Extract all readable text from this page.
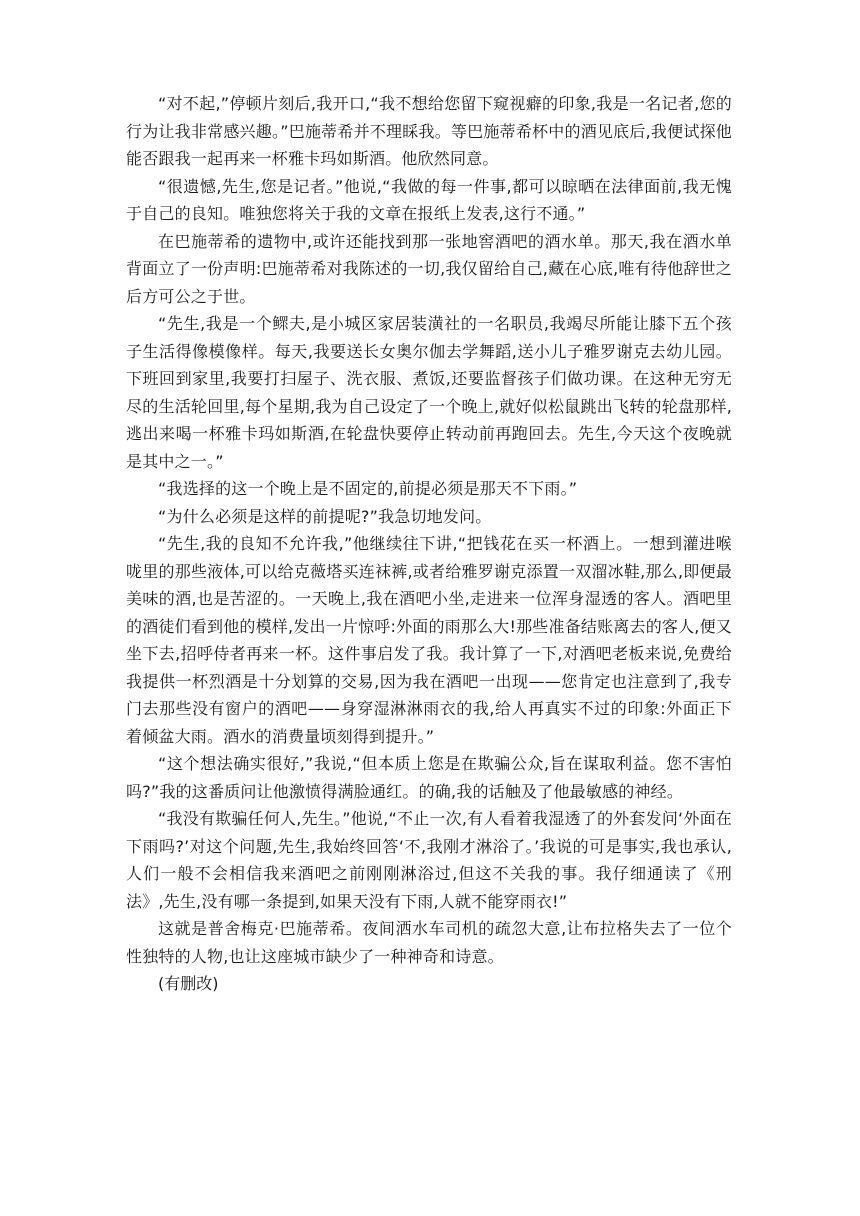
“对不起,”停顿片刻后,我开口,“我不想给您留下窥视癖的印象,我是一名记者,您的行为让我非常感兴趣。”巴施蒂希并不理睬我。等巴施蒂希杯中的酒见底后,我便试探他能否跟我一起再来一杯雅卡玛如斯酒。他欣然同意。

“很遗憾,先生,您是记者。”他说,“我做的每一件事,都可以晾晒在法律面前,我无愧于自己的良知。唯独您将关于我的文章在报纸上发表,这行不通。”

在巴施蒂希的遗物中,或许还能找到那一张地窖酒吧的酒水单。那天,我在酒水单背面立了一份声明:巴施蒂希对我陈述的一切,我仅留给自己,藏在心底,唯有待他辞世之后方可公之于世。

“先生,我是一个鳏夫,是小城区家居装潢社的一名职员,我竭尽所能让膝下五个孩子生活得像模像样。每天,我要送长女奥尔伽去学舞蹈,送小儿子雅罗谢克去幼儿园。下班回到家里,我要打扫屋子、洗衣服、煮饭,还要监督孩子们做功课。在这种无穷无尽的生活轮回里,每个星期,我为自己设定了一个晚上,就好似松鼠跳出飞转的轮盘那样,逃出来喝一杯雅卡玛如斯酒,在轮盘快要停止转动前再跑回去。先生,今天这个夜晚就是其中之一。”

“我选择的这一个晚上是不固定的,前提必须是那天不下雨。”

“为什么必须是这样的前提呢?”我急切地发问。

“先生,我的良知不允许我,”他继续往下讲,“把钱花在买一杯酒上。一想到灌进喉咙里的那些液体,可以给克薇塔买连袜裤,或者给雅罗谢克添置一双溜冰鞋,那么,即便最美味的酒,也是苦涩的。一天晚上,我在酒吧小坐,走进来一位浑身湿透的客人。酒吧里的酒徒们看到他的模样,发出一片惊呼:外面的雨那么大!那些准备结账离去的客人,便又坐下去,招呼侍者再来一杯。这件事启发了我。我计算了一下,对酒吧老板来说,免费给我提供一杯烈酒是十分划算的交易,因为我在酒吧一出现——您肯定也注意到了,我专门去那些没有窗户的酒吧——身穿湿淋淋雨衣的我,给人再真实不过的印象:外面正下着倾盆大雨。酒水的消费量顷刻得到提升。”

“这个想法确实很好,”我说,“但本质上您是在欺骗公众,旨在谋取利益。您不害怕吗?”我的这番质问让他激愤得满脸通红。的确,我的话触及了他最敏感的神经。

“我没有欺骗任何人,先生。”他说,“不止一次,有人看着我湿透了的外套发问‘外面在下雨吗?’对这个问题,先生,我始终回答‘不,我刚才淋浴了。’我说的可是事实,我也承认,人们一般不会相信我来酒吧之前刚刚淋浴过,但这不关我的事。我仔细通读了《刑法》,先生,没有哪一条提到,如果天没有下雨,人就不能穿雨衣!”

这就是普舍梅克·巴施蒂希。夜间洒水车司机的疏忽大意,让布拉格失去了一位个性独特的人物,也让这座城市缺少了一种神奇和诗意。

(有删改)
